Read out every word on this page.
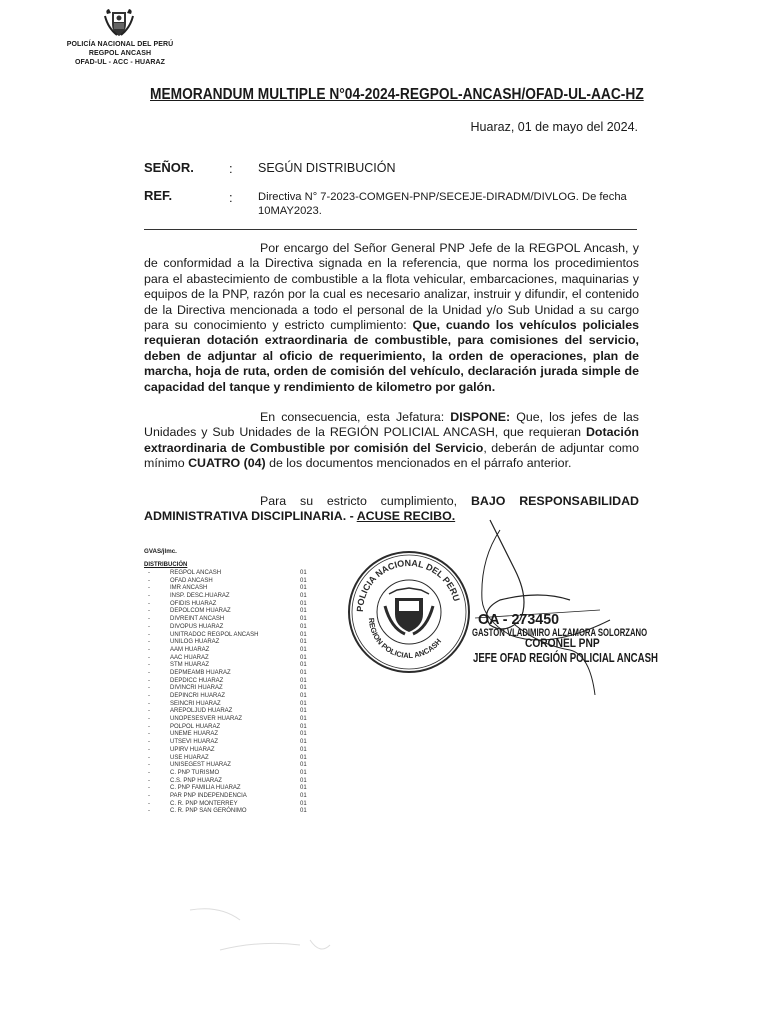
POLICÍA NACIONAL DEL PERÚ
REGPOL ANCASH
OFAD-UL - ACC - HUARAZ
MEMORANDUM MULTIPLE N°04-2024-REGPOL-ANCASH/OFAD-UL-AAC-HZ
Huaraz, 01 de mayo del 2024.
SEÑOR.	: SEGÚN DISTRIBUCIÓN
REF.	: Directiva N° 7-2023-COMGEN-PNP/SECEJE-DIRADM/DIVLOG. De fecha 10MAY2023.
Por encargo del Señor General PNP Jefe de la REGPOL Ancash, y de conformidad a la Directiva signada en la referencia, que norma los procedimientos para el abastecimiento de combustible a la flota vehicular, embarcaciones, maquinarias y equipos de la PNP, razón por la cual es necesario analizar, instruir y difundir, el contenido de la Directiva mencionada a todo el personal de la Unidad y/o Sub Unidad a su cargo para su conocimiento y estricto cumplimiento: Que, cuando los vehículos policiales requieran dotación extraordinaria de combustible, para comisiones del servicio, deben de adjuntar al oficio de requerimiento, la orden de operaciones, plan de marcha, hoja de ruta, orden de comisión del vehículo, declaración jurada simple de capacidad del tanque y rendimiento de kilometro por galón.
En consecuencia, esta Jefatura: DISPONE: Que, los jefes de las Unidades y Sub Unidades de la REGIÓN POLICIAL ANCASH, que requieran Dotación extraordinaria de Combustible por comisión del Servicio, deberán de adjuntar como mínimo CUATRO (04) de los documentos mencionados en el párrafo anterior.
Para su estricto cumplimiento, BAJO RESPONSABILIDAD ADMINISTRATIVA DISCIPLINARIA. - ACUSE RECIBO.
GVAS/jlmc.
DISTRIBUCIÓN
-	REGPOL ANCASH	01
-	OFAD ANCASH	01
-	IMR ANCASH	01
-	INSP. DESC.HUARAZ	01
-	OFIDIS HUARAZ	01
-	DEPOLCOM HUARAZ	01
-	DIVREINT ANCASH	01
-	DIVOPUS HUARAZ	01
-	UNITRADOC REGPOL ANCASH	01
-	UNILOG HUARAZ	01
-	AAM HUARAZ	01
-	AAC HUARAZ	01
-	STM HUARAZ	01
-	DEPMEAMB HUARAZ	01
-	DEPDICC HUARAZ	01
-	DIVINCRI HUARAZ	01
-	DEPINCRI HUARAZ	01
-	SEINCRI HUARAZ	01
-	AREPOLJUD HUARAZ	01
-	UNOPESESVER HUARAZ	01
-	POLPOL HUARAZ	01
-	UNEME HUARAZ	01
-	UTSEVI HUARAZ	01
-	UPIRV HUARAZ	01
-	USE HUARAZ	01
-	UNISEGEST HUARAZ	01
-	C. PNP TURISMO	01
-	C.S. PNP HUARAZ	01
-	C. PNP FAMILIA HUARAZ	01
-	PAR PNP INDEPENDENCIA	01
-	C. R. PNP MONTERREY	01
-	C. R. PNP SAN GERÓNIMO	01
POLICIA NACIONAL DEL PERU
REGION POLICIAL ANCASH
OA - 273450
GASTON VLADIMIRO ALZAMORA SOLORZANO
CORONEL PNP
JEFE OFAD REGIÓN POLICIAL ANCASH
